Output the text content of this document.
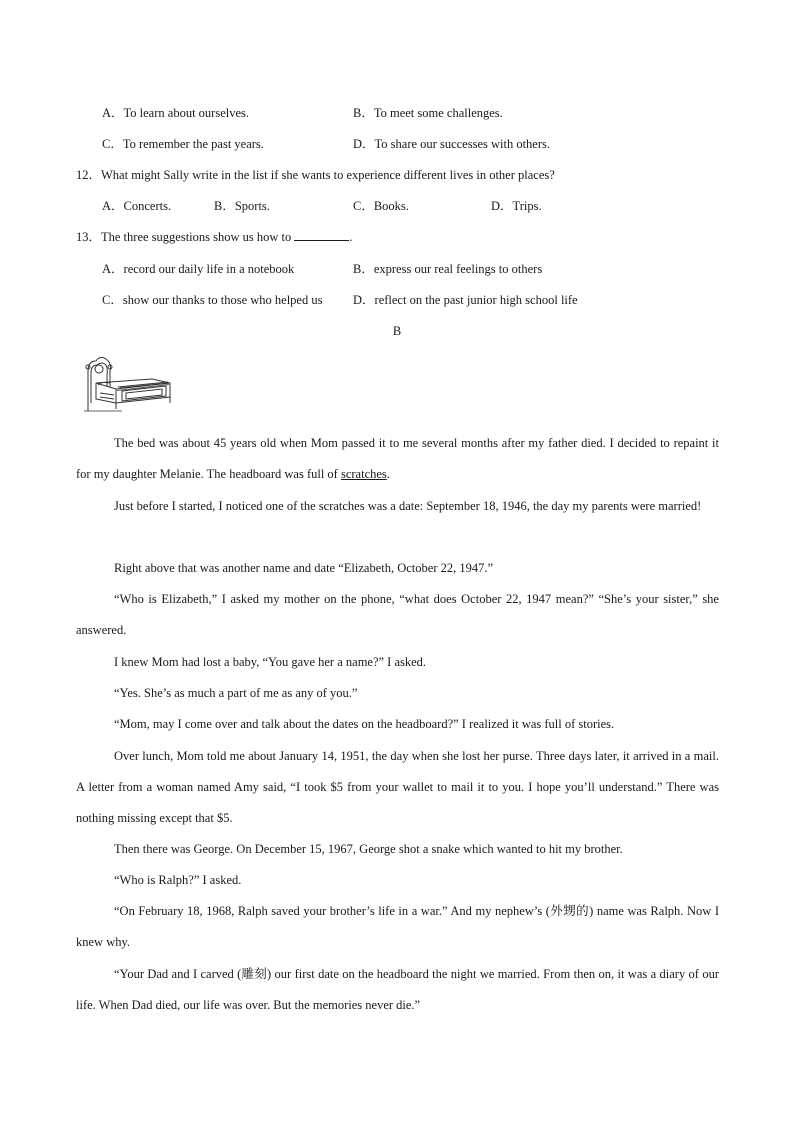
A．To learn about ourselves.	B．To meet some challenges.
C．To remember the past years.	D．To share our successes with others.
12．What might Sally write in the list if she wants to experience different lives in other places?
A．Concerts.	B．Sports.	C．Books.	D．Trips.
13．The three suggestions show us how to	.
A．record our daily life in a notebook	B．express our real feelings to others
C．show our thanks to those who helped us D．reflect on the past junior high school life
B
The bed was about 45 years old when Mom passed it to me several months after my father died. I decided to repaint it for my daughter Melanie. The headboard was full of scratches.
Just before I started, I noticed one of the scratches was a date: September 18, 1946, the day my parents were married!
Right above that was another name and date “Elizabeth, October 22, 1947.”
“Who is Elizabeth,” I asked my mother on the phone, “what does October 22, 1947 mean?” “She’s your sister,” she answered.
I knew Mom had lost a baby, “You gave her a name?” I asked.
“Yes. She’s as much a part of me as any of you.”
“Mom, may I come over and talk about the dates on the headboard?” I realized it was full of stories.
Over lunch, Mom told me about January 14, 1951, the day when she lost her purse. Three days later, it arrived in a mail. A letter from a woman named Amy said, “I took $5 from your wallet to mail it to you. I hope you’ll understand.” There was nothing missing except that $5.
Then there was George. On December 15, 1967, George shot a snake which wanted to hit my brother.
“Who is Ralph?” I asked.
“On February 18, 1968, Ralph saved your brother’s life in a war.” And my nephew’s (外甥的) name was Ralph. Now I knew why.
“Your Dad and I carved (雕刻) our first date on the headboard the night we married. From then on, it was a diary of our life. When Dad died, our life was over. But the memories never die.”
